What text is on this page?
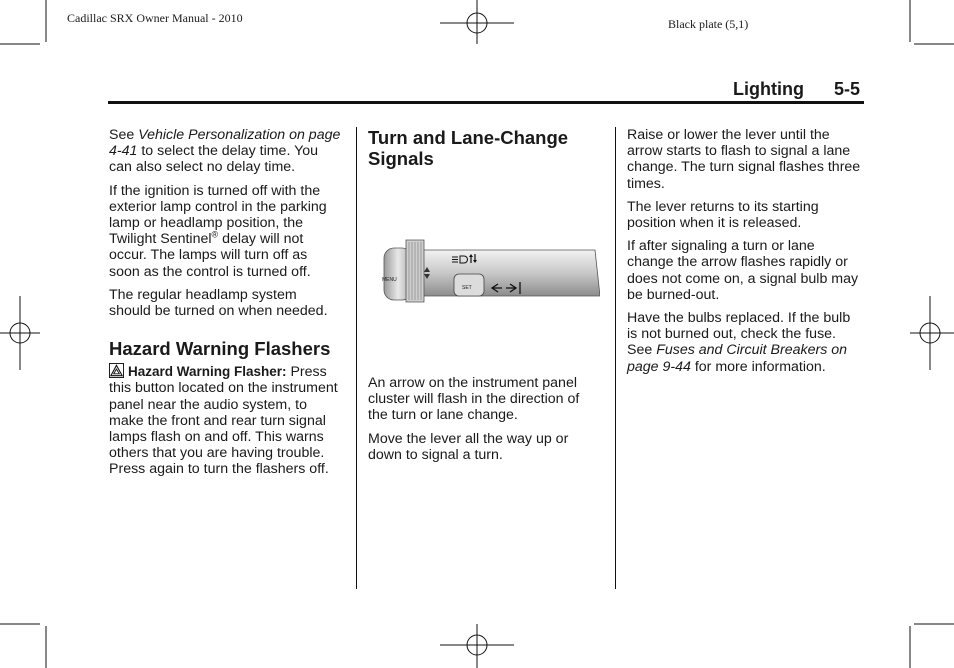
Cadillac SRX Owner Manual - 2010	Black plate (5,1)
Lighting 5-5

See Vehicle Personalization on page 4-41 to select the delay time. You can also select no delay time.

If the ignition is turned off with the exterior lamp control in the parking lamp or headlamp position, the Twilight Sentinel® delay will not occur. The lamps will turn off as soon as the control is turned off.

The regular headlamp system should be turned on when needed.

Hazard Warning Flashers

Hazard Warning Flasher: Press this button located on the instrument panel near the audio system, to make the front and rear turn signal lamps flash on and off. This warns others that you are having trouble. Press again to turn the flashers off.

Turn and Lane-Change Signals

An arrow on the instrument panel cluster will flash in the direction of the turn or lane change.

Move the lever all the way up or down to signal a turn.

MENU
SET

Raise or lower the lever until the arrow starts to flash to signal a lane change. The turn signal flashes three times.

The lever returns to its starting position when it is released.

If after signaling a turn or lane change the arrow flashes rapidly or does not come on, a signal bulb may be burned-out.

Have the bulbs replaced. If the bulb is not burned out, check the fuse. See Fuses and Circuit Breakers on page 9-44 for more information.
